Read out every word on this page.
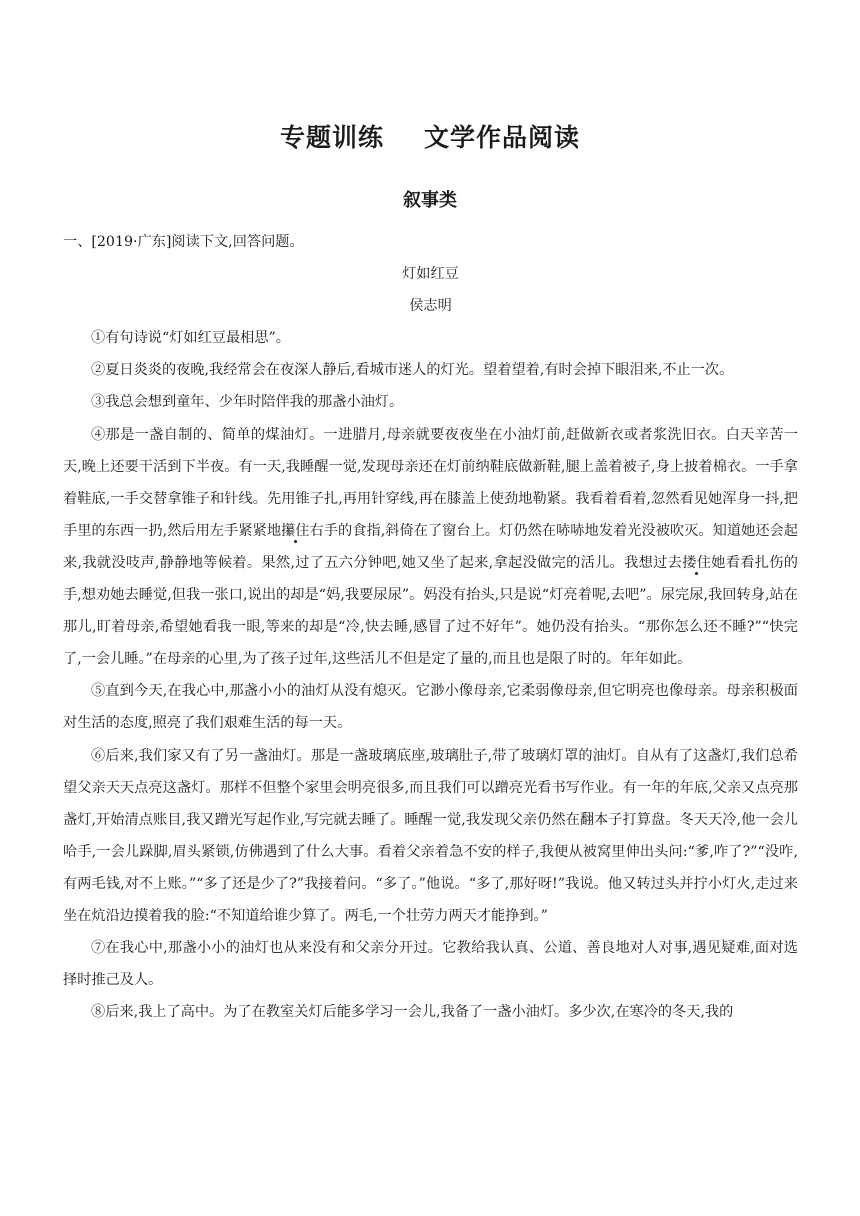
专题训练 文学作品阅读
叙事类

一、[2019·广东]阅读下文,回答问题。

灯如红豆

侯志明

①有句诗说“灯如红豆最相思”。

②夏日炎炎的夜晚,我经常会在夜深人静后,看城市迷人的灯光。望着望着,有时会掉下眼泪来,不止一次。

③我总会想到童年、少年时陪伴我的那盏小油灯。

④那是一盏自制的、简单的煤油灯。一进腊月,母亲就要夜夜坐在小油灯前,赶做新衣或者浆洗旧衣。白天辛苦一天,晚上还要干活到下半夜。有一天,我睡醒一觉,发现母亲还在灯前纳鞋底做新鞋,腿上盖着被子,身上披着棉衣。一手拿着鞋底,一手交替拿锥子和针线。先用锥子扎,再用针穿线,再在膝盖上使劲地勒紧。我看着看着,忽然看见她浑身一抖,把手里的东西一扔,然后用左手紧紧地攥住右手的食指,斜倚在了窗台上。灯仍然在哧哧地发着光没被吹灭。知道她还会起来,我就没吱声,静静地等候着。果然,过了五六分钟吧,她又坐了起来,拿起没做完的活儿。我想过去搂住她看看扎伤的手,想劝她去睡觉,但我一张口,说出的却是“妈,我要尿尿”。妈没有抬头,只是说“灯亮着呢,去吧”。尿完尿,我回转身,站在那儿,盯着母亲,希望她看我一眼,等来的却是“冷,快去睡,感冒了过不好年”。她仍没有抬头。“那你怎么还不睡?”“快完了,一会儿睡。”在母亲的心里,为了孩子过年,这些活儿不但是定了量的,而且也是限了时的。年年如此。

⑤直到今天,在我心中,那盏小小的油灯从没有熄灭。它渺小像母亲,它柔弱像母亲,但它明亮也像母亲。母亲积极面对生活的态度,照亮了我们艰难生活的每一天。

⑥后来,我们家又有了另一盏油灯。那是一盏玻璃底座,玻璃肚子,带了玻璃灯罩的油灯。自从有了这盏灯,我们总希望父亲天天点亮这盏灯。那样不但整个家里会明亮很多,而且我们可以蹭亮光看书写作业。有一年的年底,父亲又点亮那盏灯,开始清点账目,我又蹭光写起作业,写完就去睡了。睡醒一觉,我发现父亲仍然在翻本子打算盘。冬天天冷,他一会儿哈手,一会儿跺脚,眉头紧锁,仿佛遇到了什么大事。看着父亲着急不安的样子,我便从被窝里伸出头问:“爹,咋了?”“没咋,有两毛钱,对不上账。”“多了还是少了?”我接着问。“多了。”他说。“多了,那好呀!”我说。他又转过头并拧小灯火,走过来坐在炕沿边摸着我的脸:“不知道给谁少算了。两毛,一个壮劳力两天才能挣到。”

⑦在我心中,那盏小小的油灯也从来没有和父亲分开过。它教给我认真、公道、善良地对人对事,遇见疑难,面对选择时推己及人。

⑧后来,我上了高中。为了在教室关灯后能多学习一会儿,我备了一盏小油灯。多少次,在寒冷的冬天,我的
